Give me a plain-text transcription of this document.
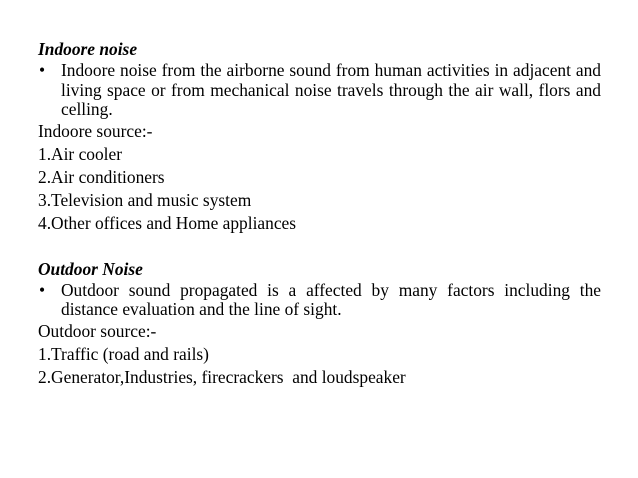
Indoore noise
• Indoore noise from the airborne sound from human activities in adjacent and living space or from mechanical noise travels through the air wall, flors and celling.
Indoore source:-
1.Air cooler
2.Air conditioners
3.Television and music system
4.Other offices and Home appliances
Outdoor Noise
• Outdoor sound propagated is a affected by many factors including the distance evaluation and the line of sight.
Outdoor source:-
1.Traffic (road and rails)
2.Generator,Industries, firecrackers  and loudspeaker
